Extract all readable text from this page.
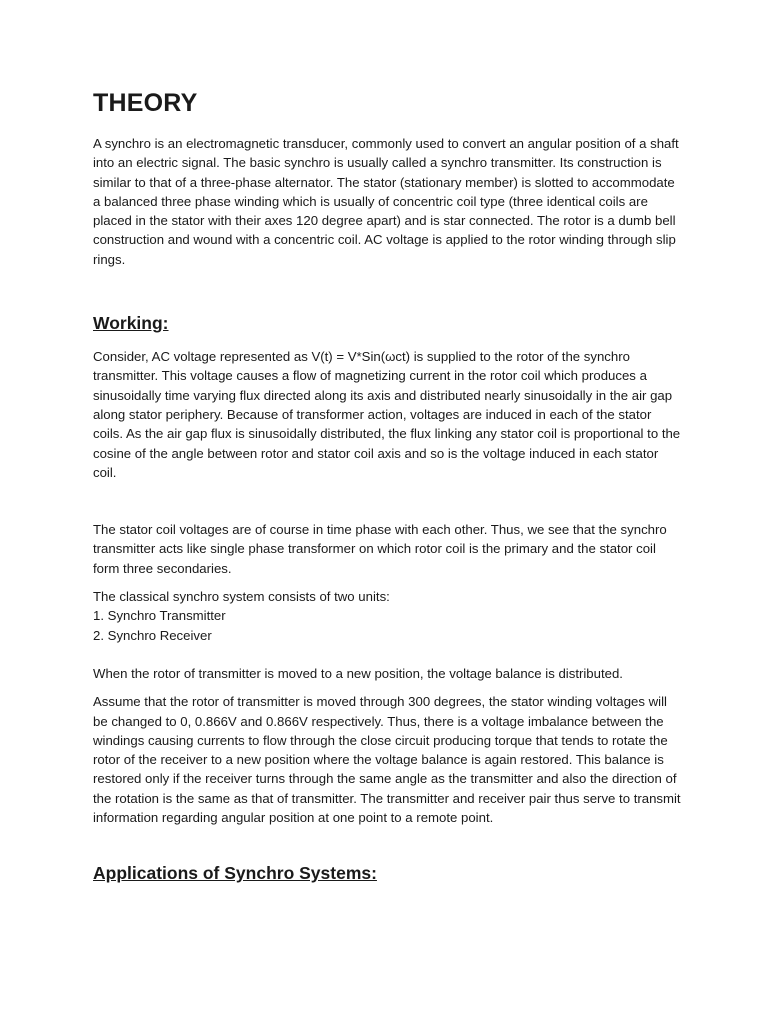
THEORY

A synchro is an electromagnetic transducer, commonly used to convert an angular position of a shaft into an electric signal. The basic synchro is usually called a synchro transmitter. Its construction is similar to that of a three-phase alternator. The stator (stationary member) is slotted to accommodate a balanced three phase winding which is usually of concentric coil type (three identical coils are placed in the stator with their axes 120 degree apart) and is star connected. The rotor is a dumb bell construction and wound with a concentric coil. AC voltage is applied to the rotor winding through slip rings.

Working:

Consider, AC voltage represented as V(t) = V*Sin(ωct) is supplied to the rotor of the synchro transmitter. This voltage causes a flow of magnetizing current in the rotor coil which produces a sinusoidally time varying flux directed along its axis and distributed nearly sinusoidally in the air gap along stator periphery. Because of transformer action, voltages are induced in each of the stator coils. As the air gap flux is sinusoidally distributed, the flux linking any stator coil is proportional to the cosine of the angle between rotor and stator coil axis and so is the voltage induced in each stator coil.

The stator coil voltages are of course in time phase with each other. Thus, we see that the synchro transmitter acts like single phase transformer on which rotor coil is the primary and the stator coil form three secondaries.

The classical synchro system consists of two units:
1. Synchro Transmitter
2. Synchro Receiver

When the rotor of transmitter is moved to a new position, the voltage balance is distributed.

Assume that the rotor of transmitter is moved through 300 degrees, the stator winding voltages will be changed to 0, 0.866V and 0.866V respectively. Thus, there is a voltage imbalance between the windings causing currents to flow through the close circuit producing torque that tends to rotate the rotor of the receiver to a new position where the voltage balance is again restored. This balance is restored only if the receiver turns through the same angle as the transmitter and also the direction of the rotation is the same as that of transmitter. The transmitter and receiver pair thus serve to transmit information regarding angular position at one point to a remote point.

Applications of Synchro Systems:
